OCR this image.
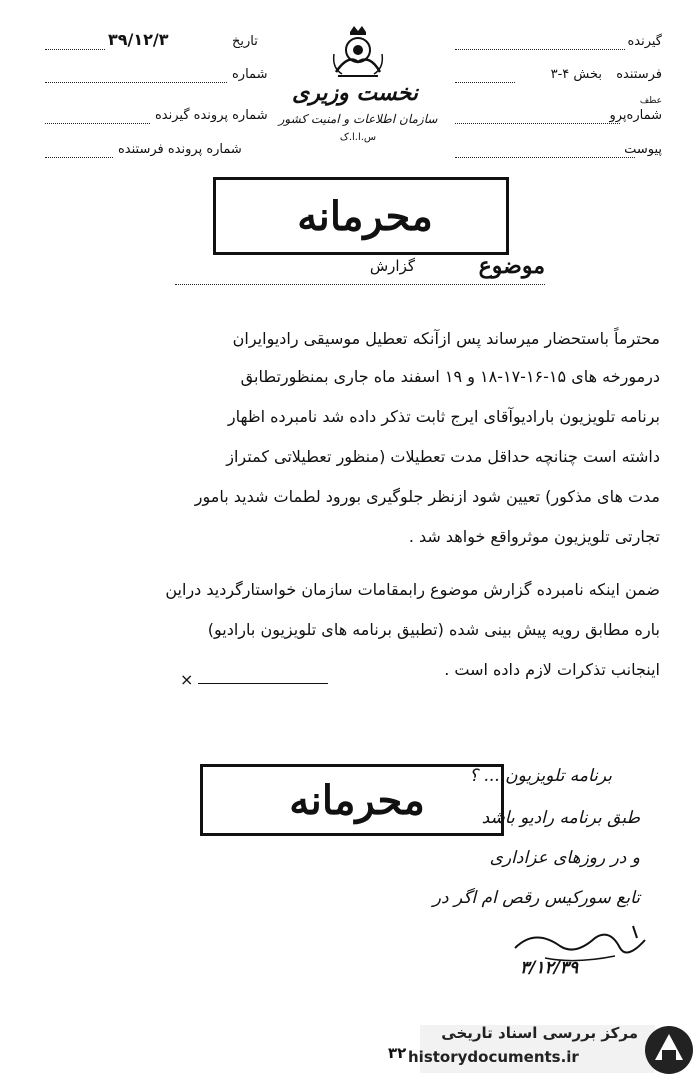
گیرنده
فرستنده
بخش ۴-۳
عطف
شماره‌پرو
پیوست
نخست وزیری
سازمان اطلاعات و امنیت کشور
س.ا.ا.ک
تاریخ
۳۹/۱۲/۳
شماره
شماره پرونده گیرنده
شماره پرونده فرستنده
محرمانه
موضوع
گزارش
محترماً باستحضار میرساند پس ازآنکه تعطیل موسیقی رادیوایران
درمورخه های ۱۵-۱۶-۱۷-۱۸ و ۱۹ اسفند ماه جاری بمنظورتطابق
برنامه تلویزیون بارادیوآقای ایرج ثابت تذکر داده شد نامبرده اظهار
داشته است چنانچه حداقل مدت تعطیلات (منظور تعطیلاتی کمتراز
مدت های مذکور) تعیین شود ازنظر جلوگیری بورود لطمات شدید بامور
تجارتی تلویزیون موثرواقع خواهد شد .
ضمن اینکه نامبرده گزارش موضوع رابمقامات سازمان خواستارگردید دراین
باره مطابق رویه پیش بینی شده (تطبیق برنامه های تلویزیون بارادیو)
اینجانب تذکرات لازم داده است .
×
محرمانه
برنامه تلویزیون ... ؟
طبق برنامه رادیو باشد
و در روزهای عزاداری
تابع سورکیس رقص ام اگر در
۳/۱۲/۳۹
مرکز بررسی اسناد تاریخی
historydocuments.ir
۳۲
